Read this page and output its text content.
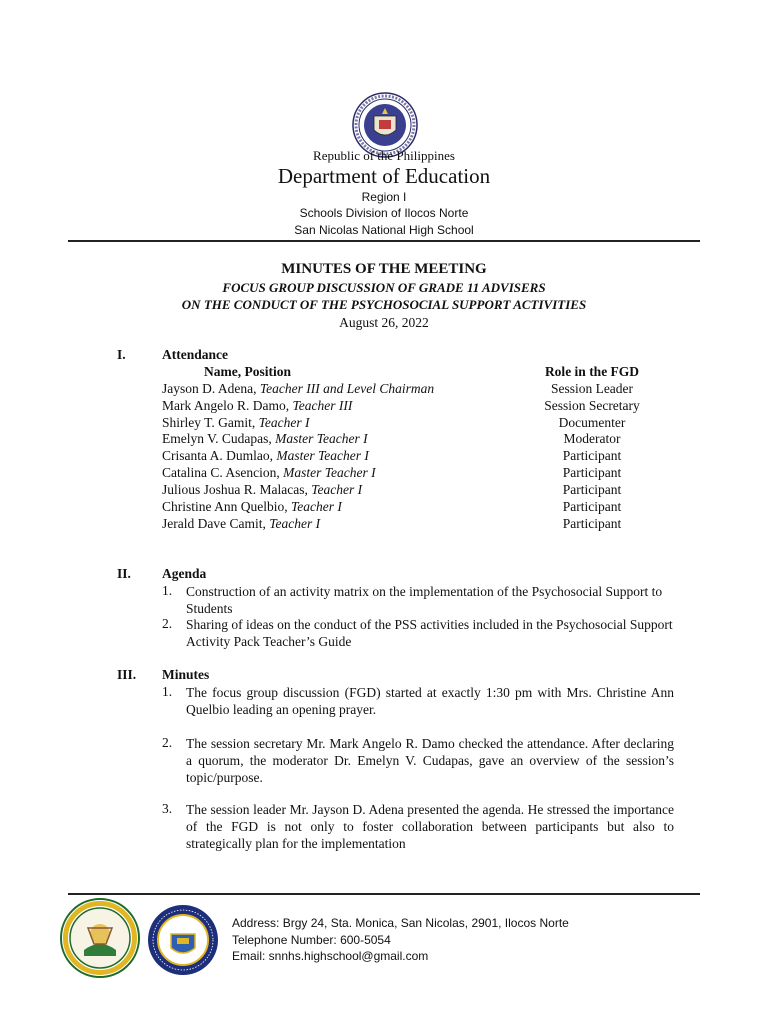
Republic of the Philippines
Department of Education
Region I
Schools Division of Ilocos Norte
San Nicolas National High School
MINUTES OF THE MEETING
FOCUS GROUP DISCUSSION OF GRADE 11 ADVISERS
ON THE CONDUCT OF THE PSYCHOSOCIAL SUPPORT ACTIVITIES
August 26, 2022
I.	Attendance
Name, Position	Role in the FGD
Jayson D. Adena, Teacher III and Level Chairman	Session Leader
Mark Angelo R. Damo, Teacher III	Session Secretary
Shirley T. Gamit, Teacher I	Documenter
Emelyn V. Cudapas, Master Teacher I	Moderator
Crisanta A. Dumlao, Master Teacher I	Participant
Catalina C. Asencion, Master Teacher I	Participant
Julious Joshua R. Malacas, Teacher I	Participant
Christine Ann Quelbio, Teacher I	Participant
Jerald Dave Camit, Teacher I	Participant
II. Agenda
1. Construction of an activity matrix on the implementation of the Psychosocial Support to Students
2. Sharing of ideas on the conduct of the PSS activities included in the Psychosocial Support Activity Pack Teacher’s Guide
III. Minutes
1. The focus group discussion (FGD) started at exactly 1:30 pm with Mrs. Christine Ann Quelbio leading an opening prayer.
2. The session secretary Mr. Mark Angelo R. Damo checked the attendance. After declaring a quorum, the moderator Dr. Emelyn V. Cudapas, gave an overview of the session’s topic/purpose.
3. The session leader Mr. Jayson D. Adena presented the agenda. He stressed the importance of the FGD is not only to foster collaboration between participants but also to strategically plan for the implementation
Address: Brgy 24, Sta. Monica, San Nicolas, 2901, Ilocos Norte
Telephone Number: 600-5054
Email: snnhs.highschool@gmail.com
